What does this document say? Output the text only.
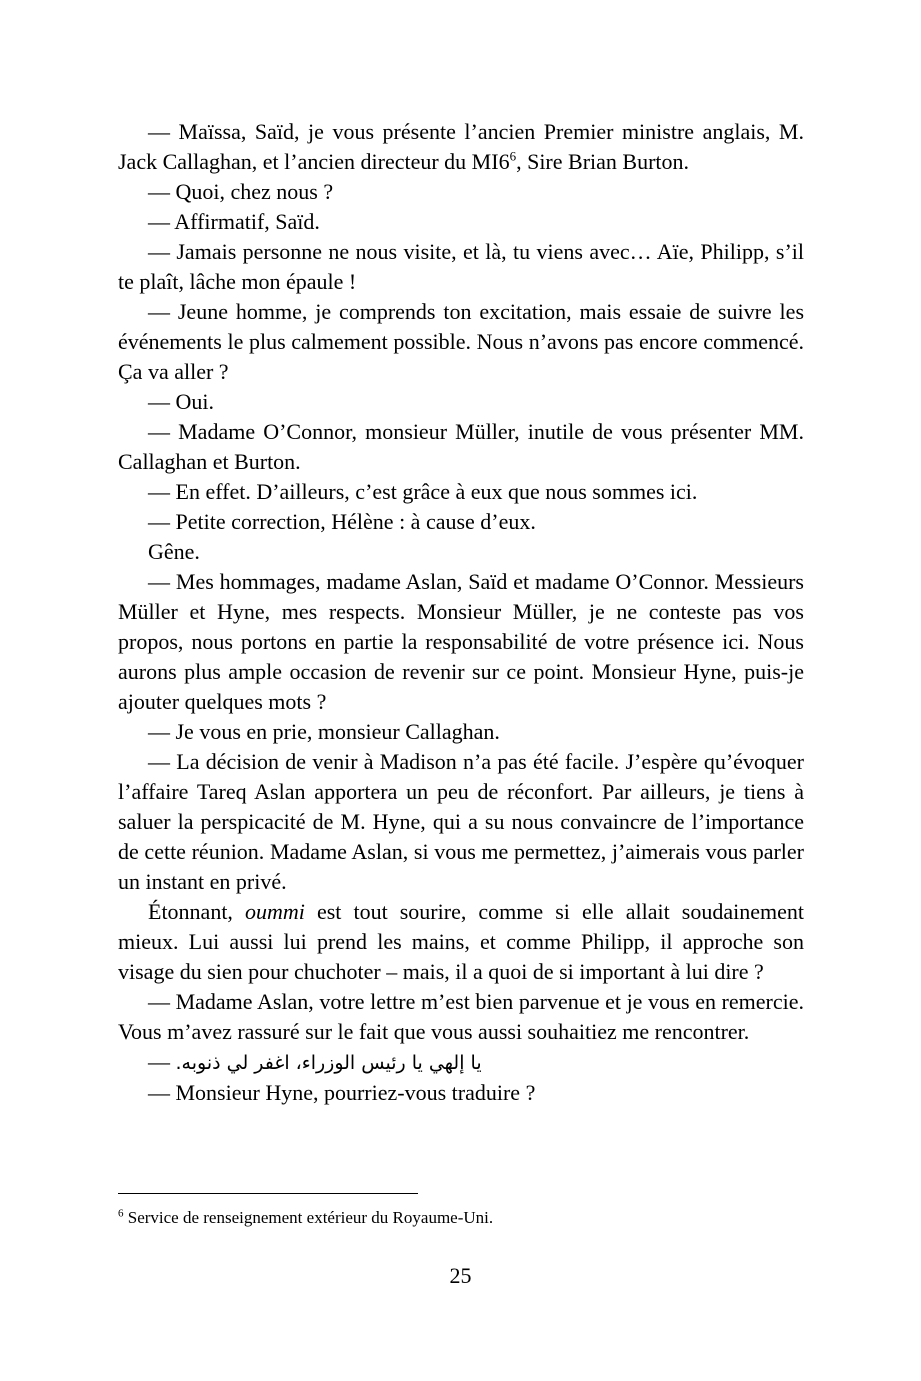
— Maïssa, Saïd, je vous présente l’ancien Premier ministre anglais, M. Jack Callaghan, et l’ancien directeur du $MI6^6$, Sire Brian Burton.

— Quoi, chez nous ?

— Affirmatif, Saïd.

— Jamais personne ne nous visite, et là, tu viens avec… Aïe, Philipp, s’il te plaît, lâche mon épaule !

— Jeune homme, je comprends ton excitation, mais essaie de suivre les événements le plus calmement possible. Nous n’avons pas encore commencé. Ça va aller ?

— Oui.

— Madame O’Connor, monsieur Müller, inutile de vous présenter MM. Callaghan et Burton.

— En effet. D’ailleurs, c’est grâce à eux que nous sommes ici.

— Petite correction, Hélène : à cause d’eux.

Gêne.

— Mes hommages, madame Aslan, Saïd et madame O’Connor. Messieurs Müller et Hyne, mes respects. Monsieur Müller, je ne conteste pas vos propos, nous portons en partie la responsabilité de votre présence ici. Nous aurons plus ample occasion de revenir sur ce point. Monsieur Hyne, puis-je ajouter quelques mots ?

— Je vous en prie, monsieur Callaghan.

— La décision de venir à Madison n’a pas été facile. J’espère qu’évoquer l’affaire Tareq Aslan apportera un peu de réconfort. Par ailleurs, je tiens à saluer la perspicacité de M. Hyne, qui a su nous convaincre de l’importance de cette réunion. Madame Aslan, si vous me permettez, j’aimerais vous parler un instant en privé.

Étonnant, oummi est tout sourire, comme si elle allait soudainement mieux. Lui aussi lui prend les mains, et comme Philipp, il approche son visage du sien pour chuchoter – mais, il a quoi de si important à lui dire ?

— Madame Aslan, votre lettre m’est bien parvenue et je vous en remercie. Vous m’avez rassuré sur le fait que vous aussi souhaitiez me rencontrer.

— يا إلهي يا رئيس الوزراء، اغفر لي ذنوبه.

— Monsieur Hyne, pourriez-vous traduire ?

$^6$ Service de renseignement extérieur du Royaume-Uni.
25
